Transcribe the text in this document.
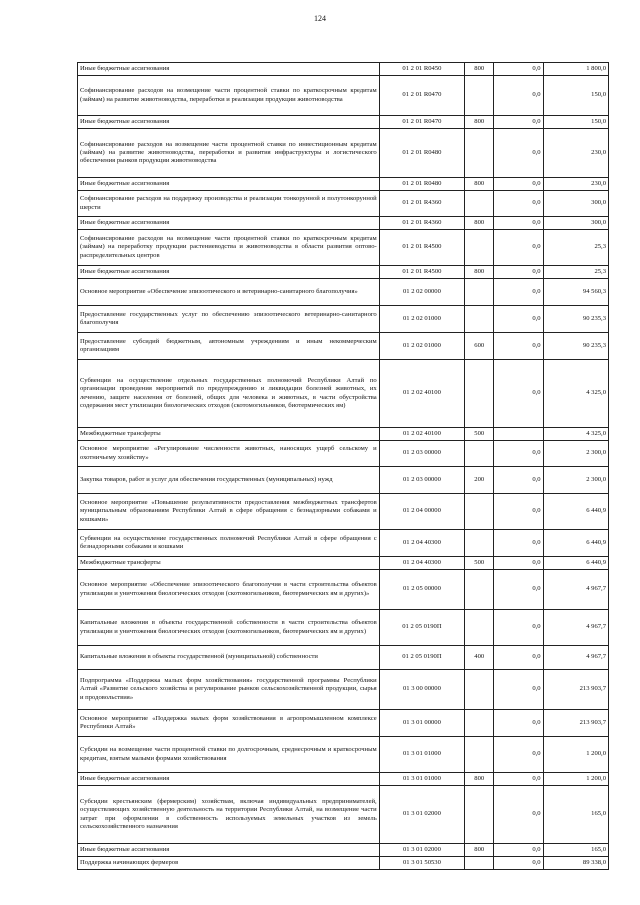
124
Иные бюджетные ассигнования	01 2 01 R0450	800	0,0	1 800,0
Софинансирование расходов на возмещение части процентной ставки по краткосрочным кредитам (займам) на развитие животноводства, переработки и реализации продукции животноводства	01 2 01 R0470		0,0	150,0
Иные бюджетные ассигнования	01 2 01 R0470	800	0,0	150,0
Софинансирование расходов на возмещение части процентной ставки по инвестиционным кредитам (займам) на развитие животноводства, переработки и развития инфраструктуры и логистического обеспечения рынков продукции животноводства	01 2 01 R0480		0,0	230,0
Иные бюджетные ассигнования	01 2 01 R0480	800	0,0	230,0
Софинансирование расходов на поддержку производства и реализации тонкорунной и полутонкорунной шерсти	01 2 01 R4360		0,0	300,0
Иные бюджетные ассигнования	01 2 01 R4360	800	0,0	300,0
Софинансирование расходов на возмещение части процентной ставки по краткосрочным кредитам (займам) на переработку продукции растениеводства и животноводства в области развития оптово-распределительных центров	01 2 01 R4500		0,0	25,3
Иные бюджетные ассигнования	01 2 01 R4500	800	0,0	25,3
Основное мероприятие «Обеспечение эпизоотического и ветеринарно-санитарного благополучия»	01 2 02 00000		0,0	94 560,3
Предоставление государственных услуг по обеспечению эпизоотического ветеринарно-санитарного благополучия	01 2 02 01000		0,0	90 235,3
Предоставление субсидий бюджетным, автономным учреждениям и иным некоммерческим организациям	01 2 02 01000	600	0,0	90 235,3
Субвенции на осуществление отдельных государственных полномочий Республики Алтай по организации проведения мероприятий по предупреждению и ликвидации болезней животных, их лечению, защите населения от болезней, общих для человека и животных, в части обустройства содержания мест утилизации биологических отходов (скотомогильников, биотермических ям)	01 2 02 40100		0,0	4 325,0
Межбюджетные трансферты	01 2 02 40100	500		4 325,0
Основное мероприятие «Регулирование численности животных, наносящих ущерб сельскому и охотничьему хозяйству»	01 2 03 00000		0,0	2 300,0
Закупка товаров, работ и услуг для обеспечения государственных (муниципальных) нужд	01 2 03 00000	200	0,0	2 300,0
Основное мероприятие «Повышение результативности предоставления межбюджетных трансфертов муниципальным образованиям Республики Алтай в сфере обращения с безнадзорными собаками и кошками»	01 2 04 00000		0,0	6 440,9
Субвенции на осуществление государственных полномочий Республики Алтай в сфере обращения с безнадзорными собаками и кошками	01 2 04 40300		0,0	6 440,9
Межбюджетные трансферты	01 2 04 40300	500	0,0	6 440,9
Основное мероприятие «Обеспечение эпизоотического благополучия в части строительства объектов утилизации и уничтожения биологических отходов (скотомогильников, биотермических ям и других)»	01 2 05 00000		0,0	4 967,7
Капитальные вложения в объекты государственной собственности в части строительства объектов утилизации и уничтожения биологических отходов (скотомогильников, биотермических ям и других)	01 2 05 0190П		0,0	4 967,7
Капитальные вложения в объекты государственной (муниципальной) собственности	01 2 05 0190П	400	0,0	4 967,7
Подпрограмма «Поддержка малых форм хозяйствования» государственной программы Республики Алтай «Развитие сельского хозяйства и регулирование рынков сельскохозяйственной продукции, сырья и продовольствия»	01 3 00 00000		0,0	213 903,7
Основное мероприятие «Поддержка малых форм хозяйствования в агропромышленном комплексе Республики Алтай»	01 3 01 00000		0,0	213 903,7
Субсидии на возмещение части процентной ставки по долгосрочным, среднесрочным и краткосрочным кредитам, взятым малыми формами хозяйствования	01 3 01 01000		0,0	1 200,0
Иные бюджетные ассигнования	01 3 01 01000	800	0,0	1 200,0
Субсидии крестьянским (фермерским) хозяйствам, включая индивидуальных предпринимателей, осуществляющих хозяйственную деятельность на территории Республики Алтай, на возмещение части затрат при оформлении в собственность используемых земельных участков из земель сельскохозяйственного назначения	01 3 01 02000		0,0	165,0
Иные бюджетные ассигнования	01 3 01 02000	800	0,0	165,0
Поддержка начинающих фермеров	01 3 01 50530		0,0	89 338,0
